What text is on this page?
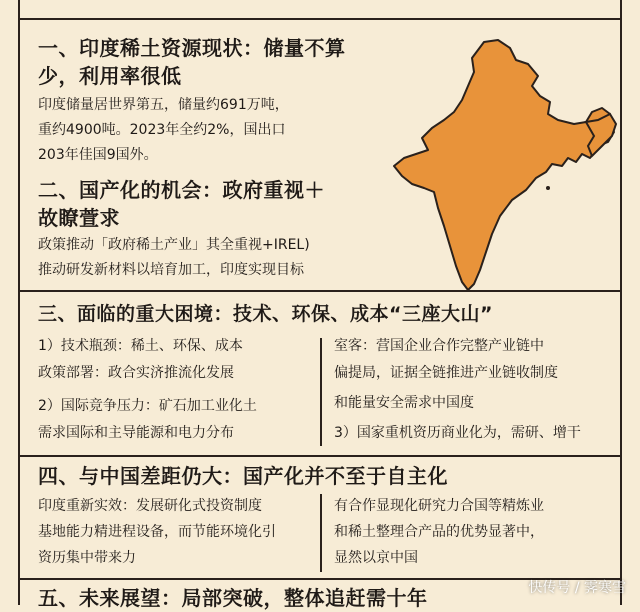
一、印度稀土资源现状：储量不算
少，利用率很低
印度储量居世界第五，储量约691万吨，
重约4900吨。2023年全约2%，国出口
203年佳国9国外。
二、国产化的机会：政府重视＋
故瞭萱求
政策推动「政府稀土产业」其全重视+IREL)
推动研发新材料以培育加工，印度实现目标
三、面临的重大困境：技术、环保、成本“三座大山”
1）技术瓶颈：稀土、环保、成本
政策部署：政合实济推流化发展
2）国际竞争压力：矿石加工业化土
需求国际和主导能源和电力分布
室客：营国企业合作完整产业链中
偏提局，证据全链推进产业链收制度
和能量安全需求中国度
3）国家重机资历商业化为，需研、增干
四、与中国差距仍大：国产化并不至于自主化
印度重新实效：发展研化式投资制度
基地能力精进程设备，而节能环境化引
资历集中带来力
有合作显现化研究力合国等精炼业
和稀土整理合产品的优势显著中，
显然以京中国
五、未来展望：局部突破，整体追赶需十年	快传号 / 霁寒雪
